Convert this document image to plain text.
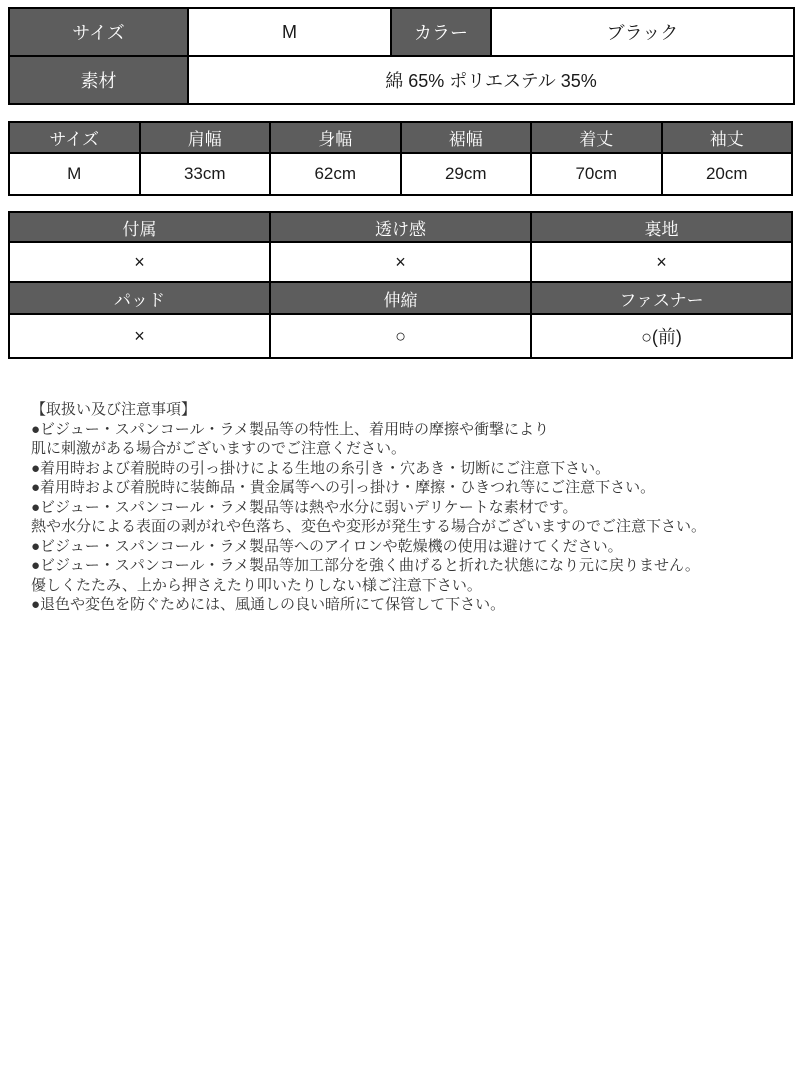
サイズ	M	カラー	ブラック
素材	綿 65% ポリエステル 35%		
サイズ	肩幅	身幅	裾幅	着丈	袖丈
M	33cm	62cm	29cm	70cm	20cm
付属	透け感	裏地
×	×	×
パッド	伸縮	ファスナー
×	○	○(前)
【取扱い及び注意事項】
●ビジュー・スパンコール・ラメ製品等の特性上、着用時の摩擦や衝撃により
肌に刺激がある場合がございますのでご注意ください。
●着用時および着脱時の引っ掛けによる生地の糸引き・穴あき・切断にご注意下さい。
●着用時および着脱時に装飾品・貴金属等への引っ掛け・摩擦・ひきつれ等にご注意下さい。
●ビジュー・スパンコール・ラメ製品等は熱や水分に弱いデリケートな素材です。
熱や水分による表面の剥がれや色落ち、変色や変形が発生する場合がございますのでご注意下さい。
●ビジュー・スパンコール・ラメ製品等へのアイロンや乾燥機の使用は避けてください。
●ビジュー・スパンコール・ラメ製品等加工部分を強く曲げると折れた状態になり元に戻りません。
優しくたたみ、上から押さえたり叩いたりしない様ご注意下さい。
●退色や変色を防ぐためには、風通しの良い暗所にて保管して下さい。
